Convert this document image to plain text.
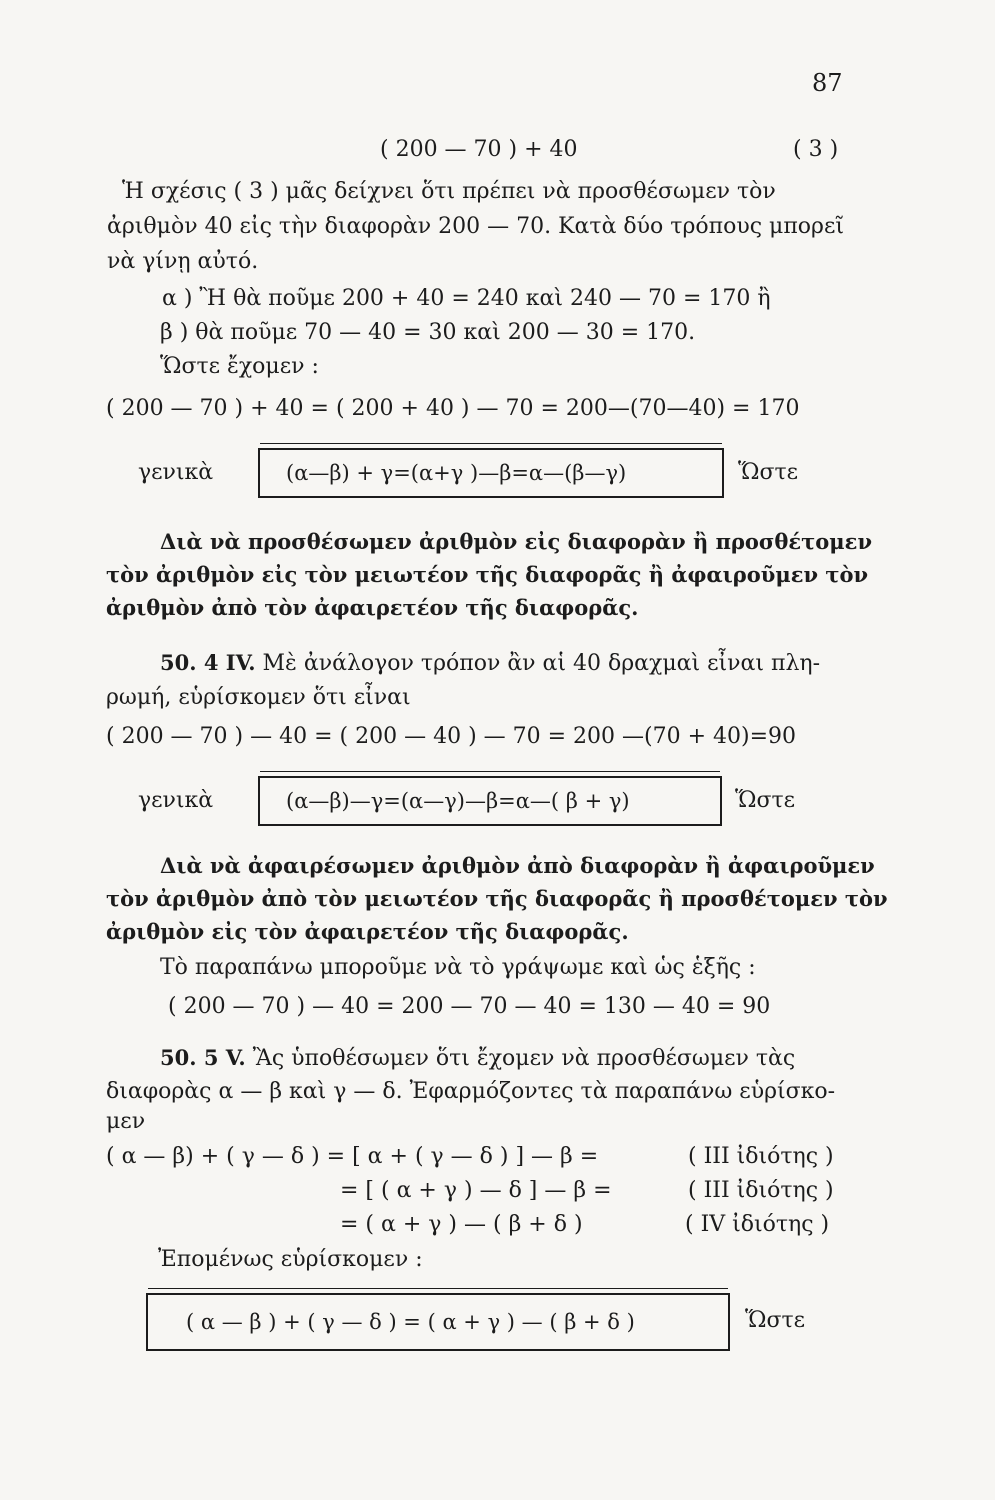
87
( 200 — 70 ) + 40	( 3 )
Ἡ σχέσις ( 3 ) μᾶς δείχνει ὅτι πρέπει νὰ προσθέσωμεν τὸν
ἀριθμὸν 40 εἰς τὴν διαφορὰν 200 — 70. Κατὰ δύο τρόπους μπορεῖ
νὰ γίνῃ αὐτό.
α ) Ἢ θὰ ποῦμε 200 + 40 = 240 καὶ 240 — 70 = 170 ἢ
β ) θὰ ποῦμε 70 — 40 = 30 καὶ 200 — 30 = 170.
Ὥστε ἔχομεν :
( 200 — 70 ) + 40 = ( 200 + 40 ) — 70 = 200—(70—40) = 170
γενικὰ	(α—β) + γ=(α+γ )—β=α—(β—γ)	Ὥστε
Διὰ νὰ προσθέσωμεν ἀριθμὸν εἰς διαφορὰν ἢ προσθέτομεν
τὸν ἀριθμὸν εἰς τὸν μειωτέον τῆς διαφορᾶς ἢ ἀφαιροῦμεν τὸν
ἀριθμὸν ἀπὸ τὸν ἀφαιρετέον τῆς διαφορᾶς.
50. 4 IV. Μὲ ἀνάλογον τρόπον ἂν αἱ 40 δραχμαὶ εἶναι πλη-
ρωμή, εὑρίσκομεν ὅτι εἶναι
( 200 — 70 ) — 40 = ( 200 — 40 ) — 70 = 200 —(70 + 40)=90
γενικὰ	(α—β)—γ=(α—γ)—β=α—( β + γ)	Ὥστε
Διὰ νὰ ἀφαιρέσωμεν ἀριθμὸν ἀπὸ διαφορὰν ἢ ἀφαιροῦμεν
τὸν ἀριθμὸν ἀπὸ τὸν μειωτέον τῆς διαφορᾶς ἢ προσθέτομεν τὸν
ἀριθμὸν εἰς τὸν ἀφαιρετέον τῆς διαφορᾶς.
Τὸ παραπάνω μποροῦμε νὰ τὸ γράψωμε καὶ ὡς ἑξῆς :
( 200 — 70 ) — 40 = 200 — 70 — 40 = 130 — 40 = 90
50. 5 V. Ἂς ὑποθέσωμεν ὅτι ἔχομεν νὰ προσθέσωμεν τὰς
διαφορὰς α — β καὶ γ — δ. Ἐφαρμόζοντες τὰ παραπάνω εὑρίσκο-
μεν
( α — β) + ( γ — δ ) = [ α + ( γ — δ ) ] — β =	( ΙΙΙ ἰδιότης )
= [ ( α + γ ) — δ ] — β =	( ΙΙΙ ἰδιότης )
= ( α + γ ) — ( β + δ )	( IV ἰδιότης )
Ἐπομένως εὑρίσκομεν :
( α — β ) + ( γ — δ ) = ( α + γ ) — ( β + δ )	Ὥστε
